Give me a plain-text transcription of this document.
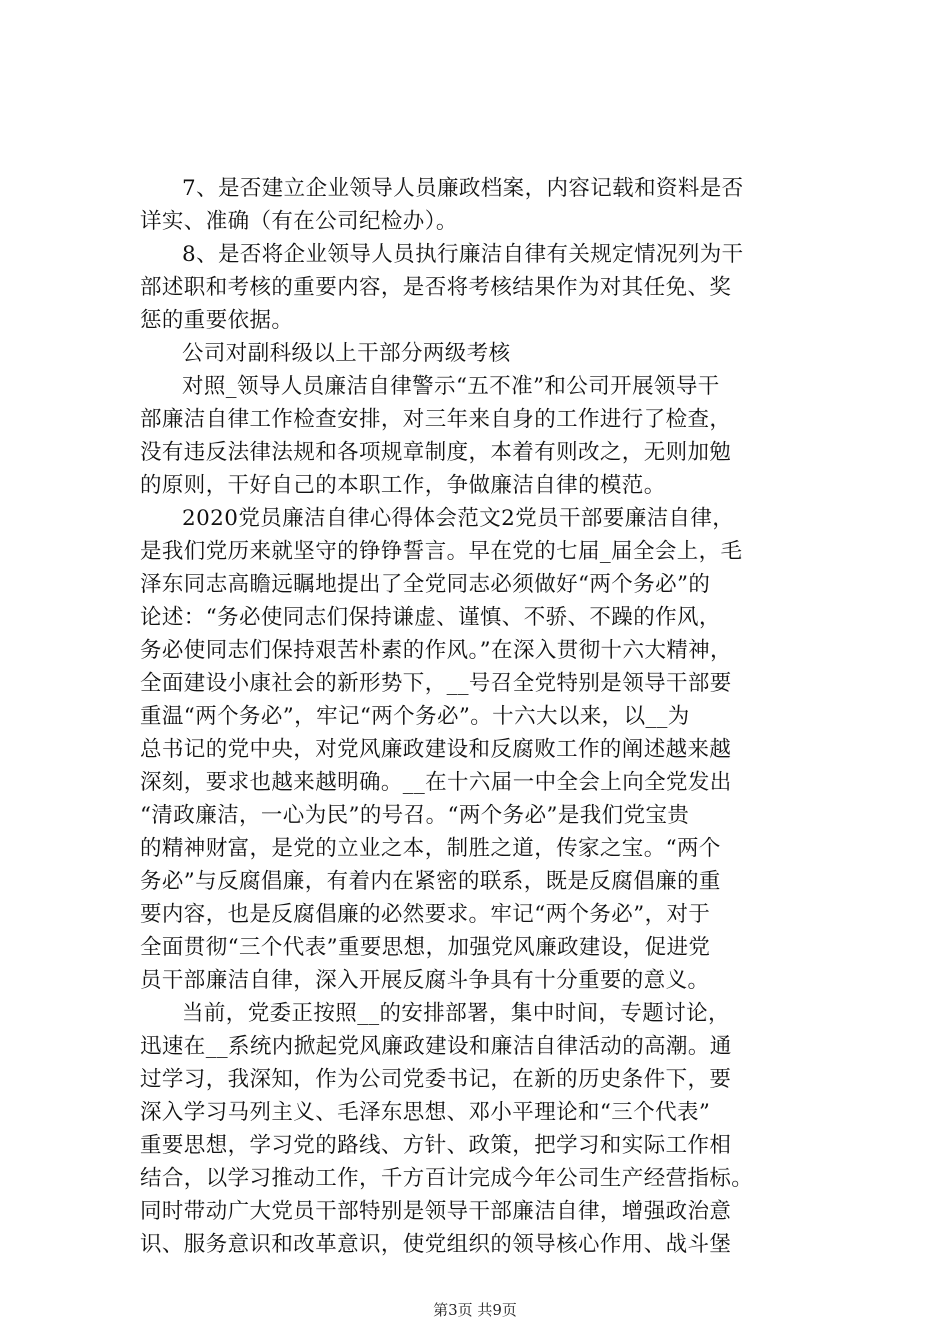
7、是否建立企业领导人员廉政档案，内容记载和资料是否
详实、准确（有在公司纪检办）。
8、是否将企业领导人员执行廉洁自律有关规定情况列为干
部述职和考核的重要内容，是否将考核结果作为对其任免、奖
惩的重要依据。
公司对副科级以上干部分两级考核
对照_领导人员廉洁自律警示“五不准”和公司开展领导干
部廉洁自律工作检查安排，对三年来自身的工作进行了检查，
没有违反法律法规和各项规章制度，本着有则改之，无则加勉
的原则，干好自己的本职工作，争做廉洁自律的模范。
2020党员廉洁自律心得体会范文2党员干部要廉洁自律，
是我们党历来就坚守的铮铮誓言。早在党的七届_届全会上，毛
泽东同志高瞻远瞩地提出了全党同志必须做好“两个务必”的
论述：“务必使同志们保持谦虚、谨慎、不骄、不躁的作风，
务必使同志们保持艰苦朴素的作风。”在深入贯彻十六大精神，
全面建设小康社会的新形势下，__号召全党特别是领导干部要
重温“两个务必”，牢记“两个务必”。十六大以来，以__为
总书记的党中央，对党风廉政建设和反腐败工作的阐述越来越
深刻，要求也越来越明确。__在十六届一中全会上向全党发出
“清政廉洁，一心为民”的号召。“两个务必”是我们党宝贵
的精神财富，是党的立业之本，制胜之道，传家之宝。“两个
务必”与反腐倡廉，有着内在紧密的联系，既是反腐倡廉的重
要内容，也是反腐倡廉的必然要求。牢记“两个务必”，对于
全面贯彻“三个代表”重要思想，加强党风廉政建设，促进党
员干部廉洁自律，深入开展反腐斗争具有十分重要的意义。
当前，党委正按照__的安排部署，集中时间，专题讨论，
迅速在__系统内掀起党风廉政建设和廉洁自律活动的高潮。通
过学习，我深知，作为公司党委书记，在新的历史条件下，要
深入学习马列主义、毛泽东思想、邓小平理论和“三个代表”
重要思想，学习党的路线、方针、政策，把学习和实际工作相
结合，以学习推动工作，千方百计完成今年公司生产经营指标。
同时带动广大党员干部特别是领导干部廉洁自律，增强政治意
识、服务意识和改革意识，使党组织的领导核心作用、战斗堡
第3页 共9页
